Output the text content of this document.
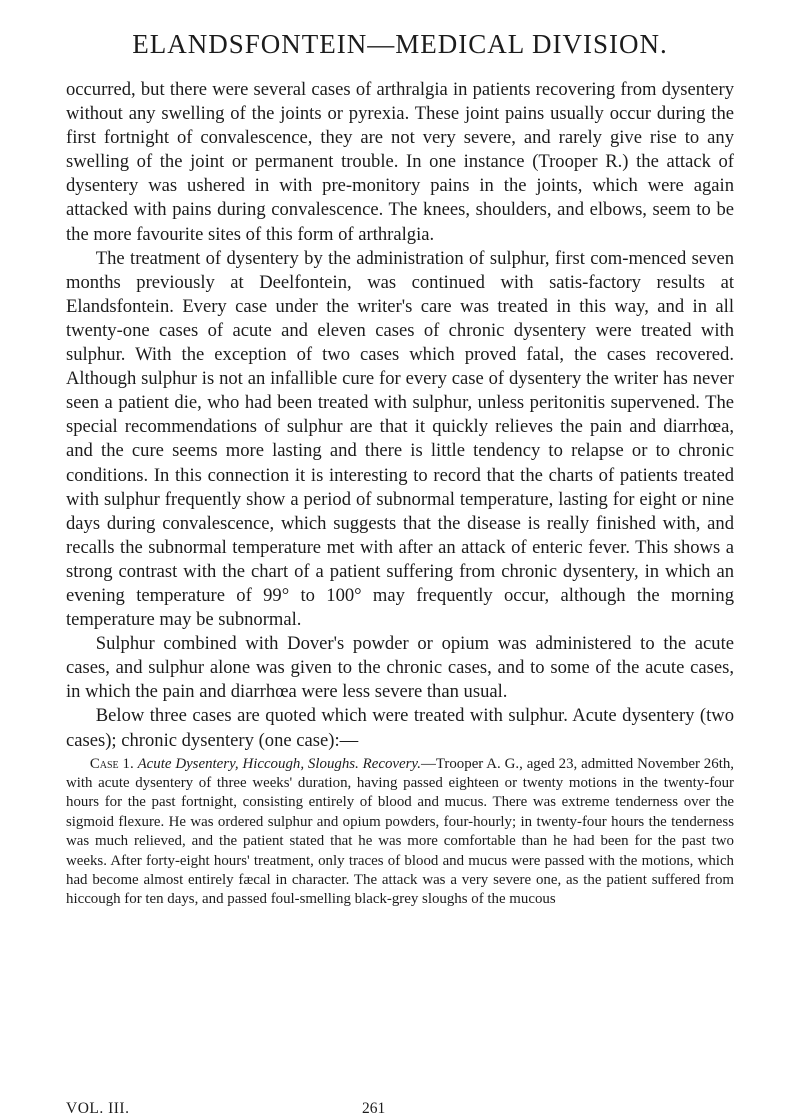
ELANDSFONTEIN—MEDICAL DIVISION.

occurred, but there were several cases of arthralgia in patients recovering from dysentery without any swelling of the joints or pyrexia. These joint pains usually occur during the first fortnight of convalescence, they are not very severe, and rarely give rise to any swelling of the joint or permanent trouble. In one instance (Trooper R.) the attack of dysentery was ushered in with pre-monitory pains in the joints, which were again attacked with pains during convalescence. The knees, shoulders, and elbows, seem to be the more favourite sites of this form of arthralgia.

The treatment of dysentery by the administration of sulphur, first com-menced seven months previously at Deelfontein, was continued with satis-factory results at Elandsfontein. Every case under the writer's care was treated in this way, and in all twenty-one cases of acute and eleven cases of chronic dysentery were treated with sulphur. With the exception of two cases which proved fatal, the cases recovered. Although sulphur is not an infallible cure for every case of dysentery the writer has never seen a patient die, who had been treated with sulphur, unless peritonitis supervened. The special recommendations of sulphur are that it quickly relieves the pain and diarrhœa, and the cure seems more lasting and there is little tendency to relapse or to chronic conditions. In this connection it is interesting to record that the charts of patients treated with sulphur frequently show a period of subnormal temperature, lasting for eight or nine days during convalescence, which suggests that the disease is really finished with, and recalls the subnormal temperature met with after an attack of enteric fever. This shows a strong contrast with the chart of a patient suffering from chronic dysentery, in which an evening temperature of 99° to 100° may frequently occur, although the morning temperature may be subnormal.

Sulphur combined with Dover's powder or opium was administered to the acute cases, and sulphur alone was given to the chronic cases, and to some of the acute cases, in which the pain and diarrhœa were less severe than usual.

Below three cases are quoted which were treated with sulphur. Acute dysentery (two cases); chronic dysentery (one case):—

Case 1. Acute Dysentery, Hiccough, Sloughs. Recovery.—Trooper A. G., aged 23, admitted November 26th, with acute dysentery of three weeks' duration, having passed eighteen or twenty motions in the twenty-four hours for the past fortnight, consisting entirely of blood and mucus. There was extreme tenderness over the sigmoid flexure. He was ordered sulphur and opium powders, four-hourly; in twenty-four hours the tenderness was much relieved, and the patient stated that he was more comfortable than he had been for the past two weeks. After forty-eight hours' treatment, only traces of blood and mucus were passed with the motions, which had become almost entirely fæcal in character. The attack was a very severe one, as the patient suffered from hiccough for ten days, and passed foul-smelling black-grey sloughs of the mucous

VOL. III.	261
